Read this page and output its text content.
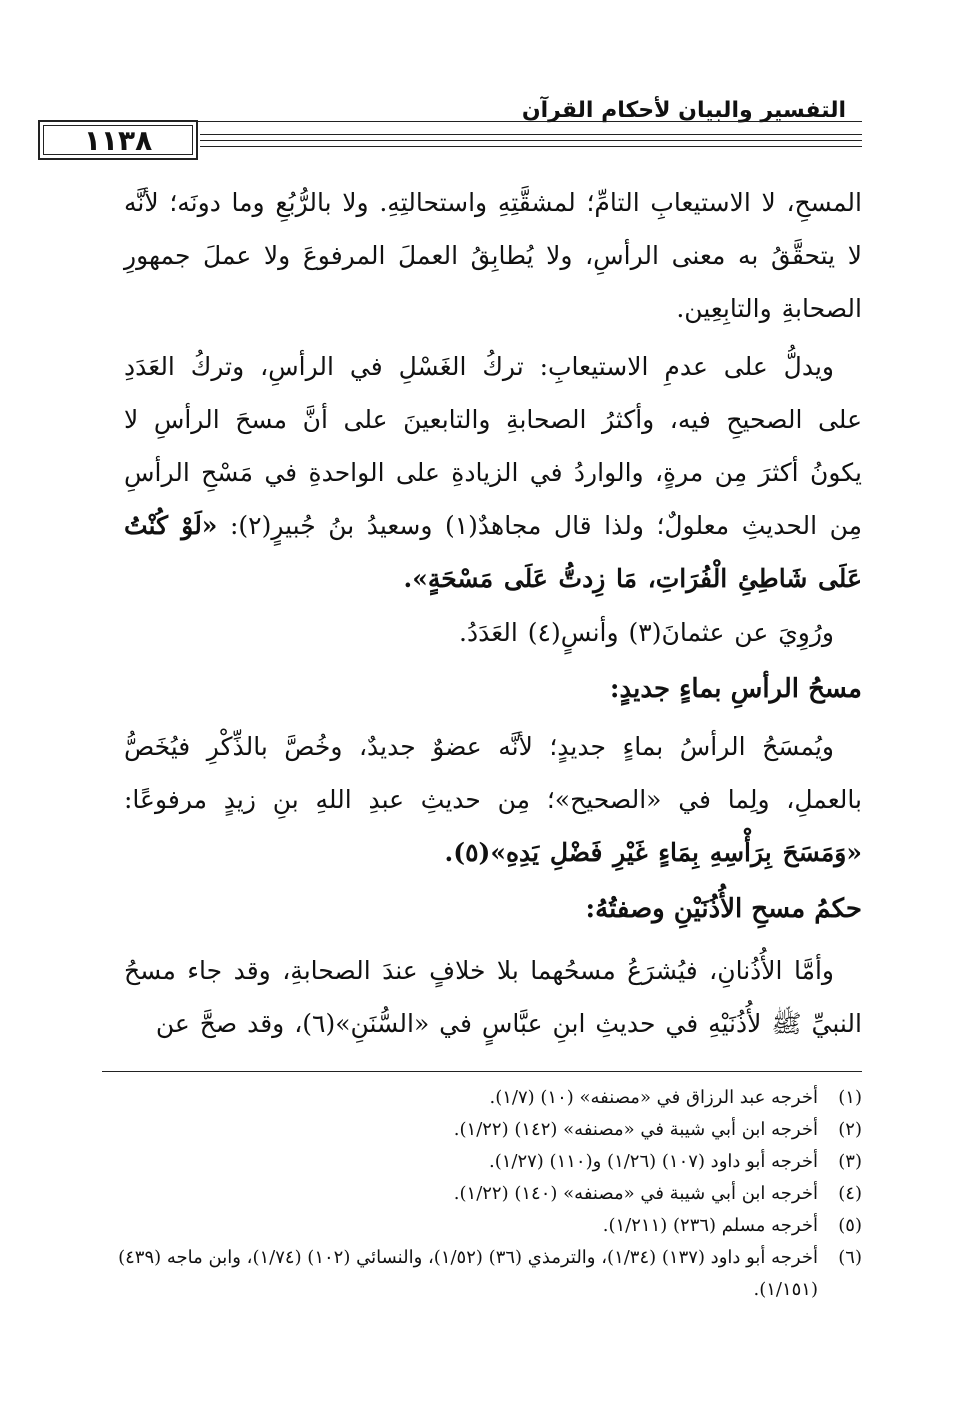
التفسير والبيان لأحكام القرآن
١١٣٨
المسحِ، لا الاستيعابِ التامِّ؛ لمشقَّتِهِ واستحالتِهِ. ولا بالرُّبُعِ وما دونَه؛ لأنَّه لا يتحقَّقُ به معنى الرأسِ، ولا يُطابِقُ العملَ المرفوعَ ولا عملَ جمهورِ الصحابةِ والتابِعِين.
ويدلُّ على عدمِ الاستيعابِ: تركُ الغَسْلِ في الرأسِ، وتركُ العَدَدِ على الصحيحِ فيه، وأكثرُ الصحابةِ والتابعينَ على أنَّ مسحَ الرأسِ لا يكونُ أكثرَ مِن مرةٍ، والواردُ في الزيادةِ على الواحدةِ في مَسْحِ الرأسِ مِن الحديثِ معلولٌ؛ ولذا قال مجاهدٌ(١) وسعيدُ بنُ جُبيرٍ(٢): «لَوْ كُنْتُ عَلَى شَاطِئِ الْفُرَاتِ، مَا زِدتُّ عَلَى مَسْحَةٍ».
ورُوِيَ عن عثمانَ(٣) وأنسٍ(٤) العَدَدُ.
مسحُ الرأسِ بماءٍ جديدٍ:
ويُمسَحُ الرأسُ بماءٍ جديدٍ؛ لأنَّه عضوٌ جديدٌ، وخُصَّ بالذِّكْرِ فيُخَصُّ بالعملِ، ولِما في «الصحيح»؛ مِن حديثِ عبدِ اللهِ بنِ زيدٍ مرفوعًا: «وَمَسَحَ بِرَأْسِهِ بِمَاءٍ غَيْرِ فَضْلِ يَدِهِ»(٥).
حكمُ مسحِ الأُذُنَيْنِ وصفتُهُ:
وأمَّا الأُذُنانِ، فيُشرَعُ مسحُهما بلا خلافٍ عندَ الصحابةِ، وقد جاء مسحُ النبيِّ ﷺ لأُذُنَيْهِ في حديثِ ابنِ عبَّاسٍ في «السُّنَنِ»(٦)، وقد صحَّ عن
(١)
أخرجه عبد الرزاق في «مصنفه» (١٠) (١/٧).
(٢)
أخرجه ابن أبي شيبة في «مصنفه» (١٤٢) (١/٢٢).
(٣)
أخرجه أبو داود (١٠٧) (١/٢٦) و(١١٠) (١/٢٧).
(٤)
أخرجه ابن أبي شيبة في «مصنفه» (١٤٠) (١/٢٢).
(٥)
أخرجه مسلم (٢٣٦) (١/٢١١).
(٦)
أخرجه أبو داود (١٣٧) (١/٣٤)، والترمذي (٣٦) (١/٥٢)، والنسائي (١٠٢) (١/٧٤)، وابن ماجه (٤٣٩) (١/١٥١).
